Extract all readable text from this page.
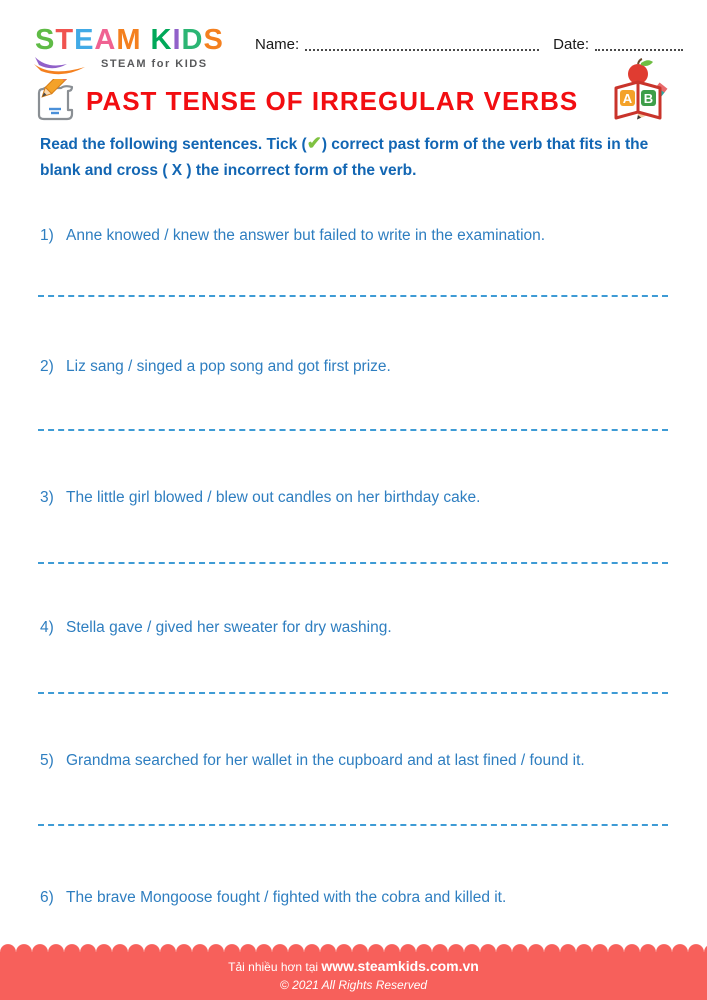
STEAM KIDS
STEAM for KIDS
Name:	Date:
PAST TENSE OF IRREGULAR VERBS	A B
Read the following sentences. Tick (✔) correct past form of the verb that fits in the blank and cross ( X ) the incorrect form of the verb.
1) Anne knowed / knew the answer but failed to write in the examination.
2) Liz sang / singed a pop song and got first prize.
3) The little girl blowed / blew out candles on her birthday cake.
4) Stella gave / gived her sweater for dry washing.
5) Grandma searched for her wallet in the cupboard and at last fined / found it.
6) The brave Mongoose fought / fighted with the cobra and killed it.
Tải nhiều hơn tại www.steamkids.com.vn
© 2021 All Rights Reserved
